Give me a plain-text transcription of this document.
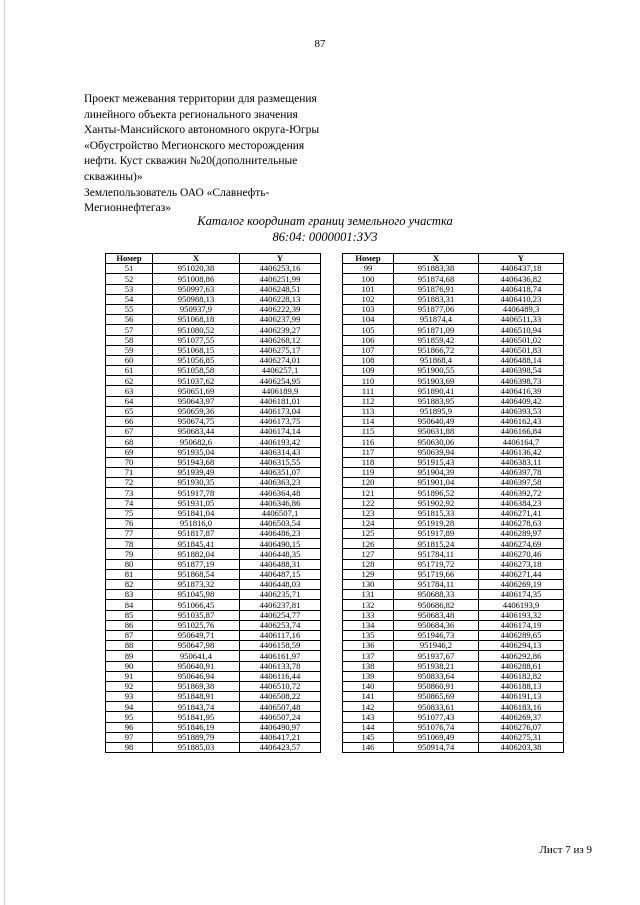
87
Проект межевания территории для размещения
линейного объекта регионального значения
Ханты-Мансийского автономного округа-Югры
«Обустройство Мегионского месторождения
нефти. Куст скважин №20(дополнительные
скважины)»
Землепользователь ОАО «Славнефть-
Мегионнефтегаз»
Каталог координат границ земельного участка
86:04: 0000001:ЗУ3
Номер	X	Y
51	951020,38	4406253,16
52	951008,86	4406251,99
53	950997,63	4406248,51
54	950988,13	4406228,13
55	950937,9	4406222,39
56	951068,18	4406237,99
57	951080,52	4406239,27
58	951077,55	4406268,12
59	951068,15	4406275,17
60	951056,85	4406274,01
61	951058,58	4406257,1
62	951037,62	4406254,95
63	950651,69	4406189,9
64	950643,97	4406181,01
65	950659,36	4406173,04
66	950674,75	4406173,75
67	950683,44	4406174,14
68	950682,6	4406193,42
69	951935,04	4406314,43
70	951943,68	4406315,55
71	951939,49	4406351,07
72	951930,35	4406363,23
73	951917,78	4406364,48
74	951931,05	4406346,86
75	951841,04	4406507,1
76	951816,0	4406503,54
77	951817,87	4406486,23
78	951845,41	4406490,15
79	951882,04	4406448,35
80	951877,19	4406488,31
81	951868,54	4406487,15
82	951873,32	4406448,03
83	951045,98	4406235,71
84	951066,45	4406237,81
85	951035,87	4406254,77
86	951025,76	4406253,74
87	950649,71	4406117,16
88	950647,98	4406158,59
89	950641,4	4406161,97
90	950640,91	4406133,78
91	950646,94	4406116,44
92	951869,38	4406510,72
93	951848,91	4406508,22
94	951843,74	4406507,48
95	951841,95	4406507,24
96	951846,19	4406490,97
97	951889,79	4406417,21
98	951885,03	4406423,57
Номер	X	Y
99	951883,38	4406437,18
100	951874,68	4406436,82
101	951876,91	4406418,74
102	951883,31	4406410,23
103	951877,06	4406489,3
104	951874,4	4406511,33
105	951871,09	4406510,94
106	951859,42	4406501,02
107	951866,72	4406501,83
108	951868,4	4406488,14
109	951900,55	4406398,54
110	951903,69	4406398,73
111	951890,41	4406416,39
112	951883,95	4406409,42
113	951895,9	4406393,53
114	950640,49	4406162,43
115	950631,88	4406166,84
116	950630,06	4406164,7
117	950639,94	4406136,42
118	951915,43	4406383,11
119	951904,39	4406397,78
120	951901,04	4406397,58
121	951896,52	4406392,72
122	951902,92	4406384,23
123	951815,33	4406271,41
124	951919,28	4406278,63
125	951917,89	4406289,97
126	951815,24	4406274,69
127	951784,11	4406270,46
128	951719,72	4406273,18
129	951719,66	4406271,44
130	951784,11	4406269,19
131	950688,33	4406174,35
132	950686,82	4406193,9
133	950683,48	4406193,32
134	950684,36	4406174,19
135	951946,73	4406289,65
136	951946,2	4406294,13
137	951937,67	4406292,86
138	951938,21	4406288,61
139	950833,64	4406182,82
140	950860,91	4406188,13
141	950865,69	4406191,13
142	950833,61	4406183,16
143	951077,43	4406269,37
144	951076,74	4406276,07
145	951069,49	4406275,31
146	950914,74	4406203,38
Лист 7 из 9
